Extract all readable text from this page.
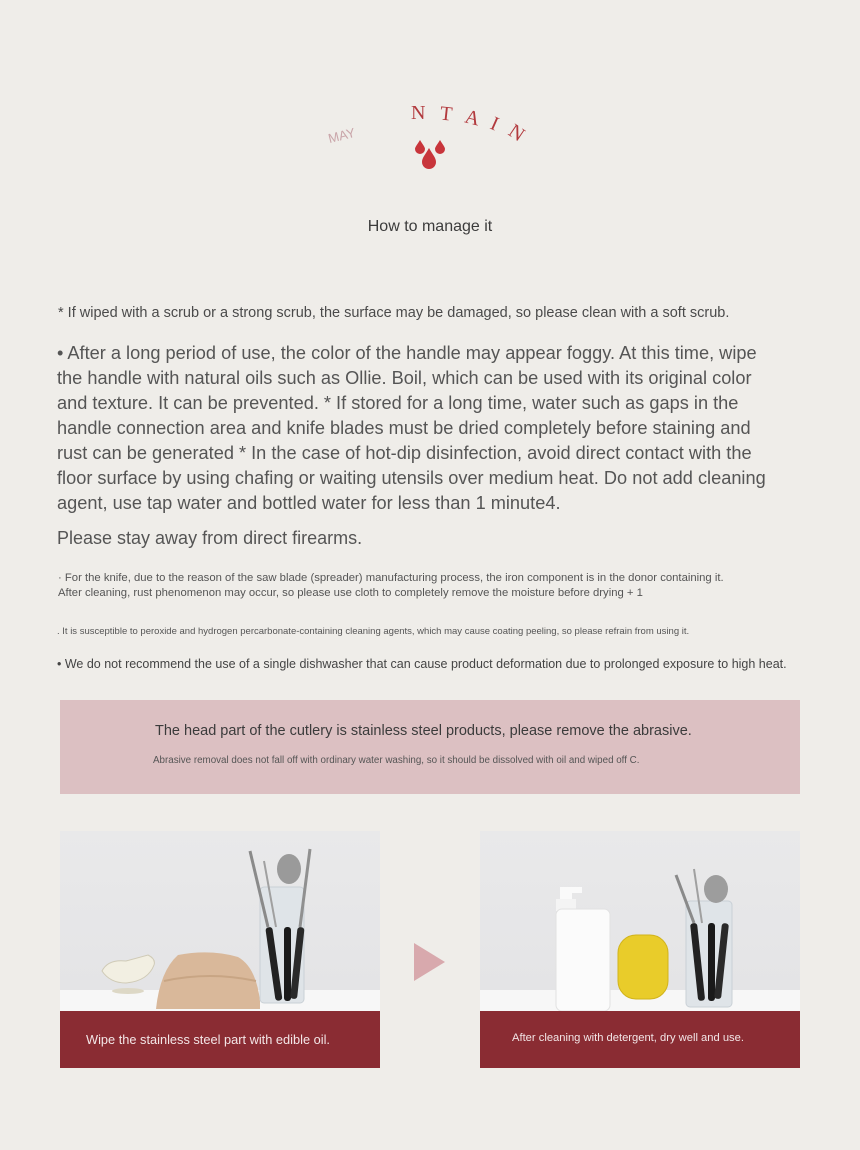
MAY
N T A I N
How to manage it
* If wiped with a scrub or a strong scrub, the surface may be damaged, so please clean with a soft scrub.
• After a long period of use, the color of the handle may appear foggy. At this time, wipe the handle with natural oils such as Ollie. Boil, which can be used with its original color and texture. It can be prevented. * If stored for a long time, water such as gaps in the handle connection area and knife blades must be dried completely before staining and rust can be generated * In the case of hot-dip disinfection, avoid direct contact with the floor surface by using chafing or waiting utensils over medium heat. Do not add cleaning agent, use tap water and bottled water for less than 1 minute4.
Please stay away from direct firearms.
· For the knife, due to the reason of the saw blade (spreader) manufacturing process, the iron component is in the donor containing it.
After cleaning, rust phenomenon may occur, so please use cloth to completely remove the moisture before drying + 1
. It is susceptible to peroxide and hydrogen percarbonate-containing cleaning agents, which may cause coating peeling, so please refrain from using it.
• We do not recommend the use of a single dishwasher that can cause product deformation due to prolonged exposure to high heat.
The head part of the cutlery is stainless steel products, please remove the abrasive.
Abrasive removal does not fall off with ordinary water washing, so it should be dissolved with oil and wiped off C.
Wipe the stainless steel part with edible oil.	After cleaning with detergent, dry well and use.
